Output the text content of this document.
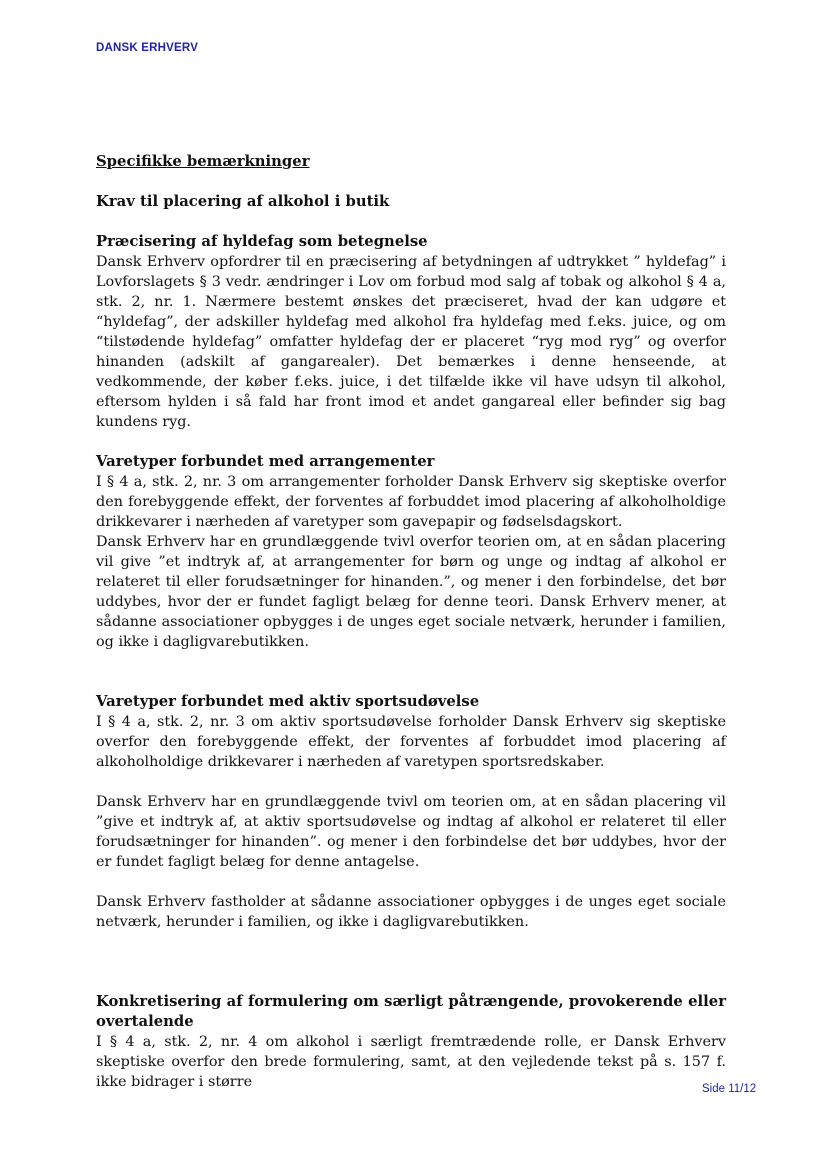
DANSK ERHVERV

Specifikke bemærkninger

Krav til placering af alkohol i butik

Præcisering af hyldefag som betegnelse

Dansk Erhverv opfordrer til en præcisering af betydningen af udtrykket ” hyldefag” i Lovforslagets § 3 vedr. ændringer i Lov om forbud mod salg af tobak og alkohol § 4 a, stk. 2, nr. 1. Nærmere bestemt ønskes det præciseret, hvad der kan udgøre et “hyldefag”, der adskiller hyldefag med alkohol fra hyldefag med f.eks. juice, og om “tilstødende hyldefag” omfatter hyldefag der er placeret “ryg mod ryg” og overfor hinanden (adskilt af gangarealer). Det bemærkes i denne henseende, at vedkommende, der køber f.eks. juice, i det tilfælde ikke vil have udsyn til alkohol, eftersom hylden i så fald har front imod et andet gangareal eller befinder sig bag kundens ryg.

Varetyper forbundet med arrangementer

I § 4 a, stk. 2, nr. 3 om arrangementer forholder Dansk Erhverv sig skeptiske overfor den forebyggende effekt, der forventes af forbuddet imod placering af alkoholholdige drikkevarer i nærheden af varetyper som gavepapir og fødselsdagskort.

Dansk Erhverv har en grundlæggende tvivl overfor teorien om, at en sådan placering vil give ”et indtryk af, at arrangementer for børn og unge og indtag af alkohol er relateret til eller forudsætninger for hinanden.”, og mener i den forbindelse, det bør uddybes, hvor der er fundet fagligt belæg for denne teori. Dansk Erhverv mener, at sådanne associationer opbygges i de unges eget sociale netværk, herunder i familien, og ikke i dagligvarebutikken.

Varetyper forbundet med aktiv sportsudøvelse

I § 4 a, stk. 2, nr. 3 om aktiv sportsudøvelse forholder Dansk Erhverv sig skeptiske overfor den forebyggende effekt, der forventes af forbuddet imod placering af alkoholholdige drikkevarer i nærheden af varetypen sportsredskaber.

Dansk Erhverv har en grundlæggende tvivl om teorien om, at en sådan placering vil ”give et indtryk af, at aktiv sportsudøvelse og indtag af alkohol er relateret til eller forudsætninger for hinanden”. og mener i den forbindelse det bør uddybes, hvor der er fundet fagligt belæg for denne antagelse.

Dansk Erhverv fastholder at sådanne associationer opbygges i de unges eget sociale netværk, herunder i familien, og ikke i dagligvarebutikken.

Konkretisering af formulering om særligt påtrængende, provokerende eller overtalende

I § 4 a, stk. 2, nr. 4 om alkohol i særligt fremtrædende rolle, er Dansk Erhverv skeptiske overfor den brede formulering, samt, at den vejledende tekst på s. 157 f. ikke bidrager i større	Side 11/12
